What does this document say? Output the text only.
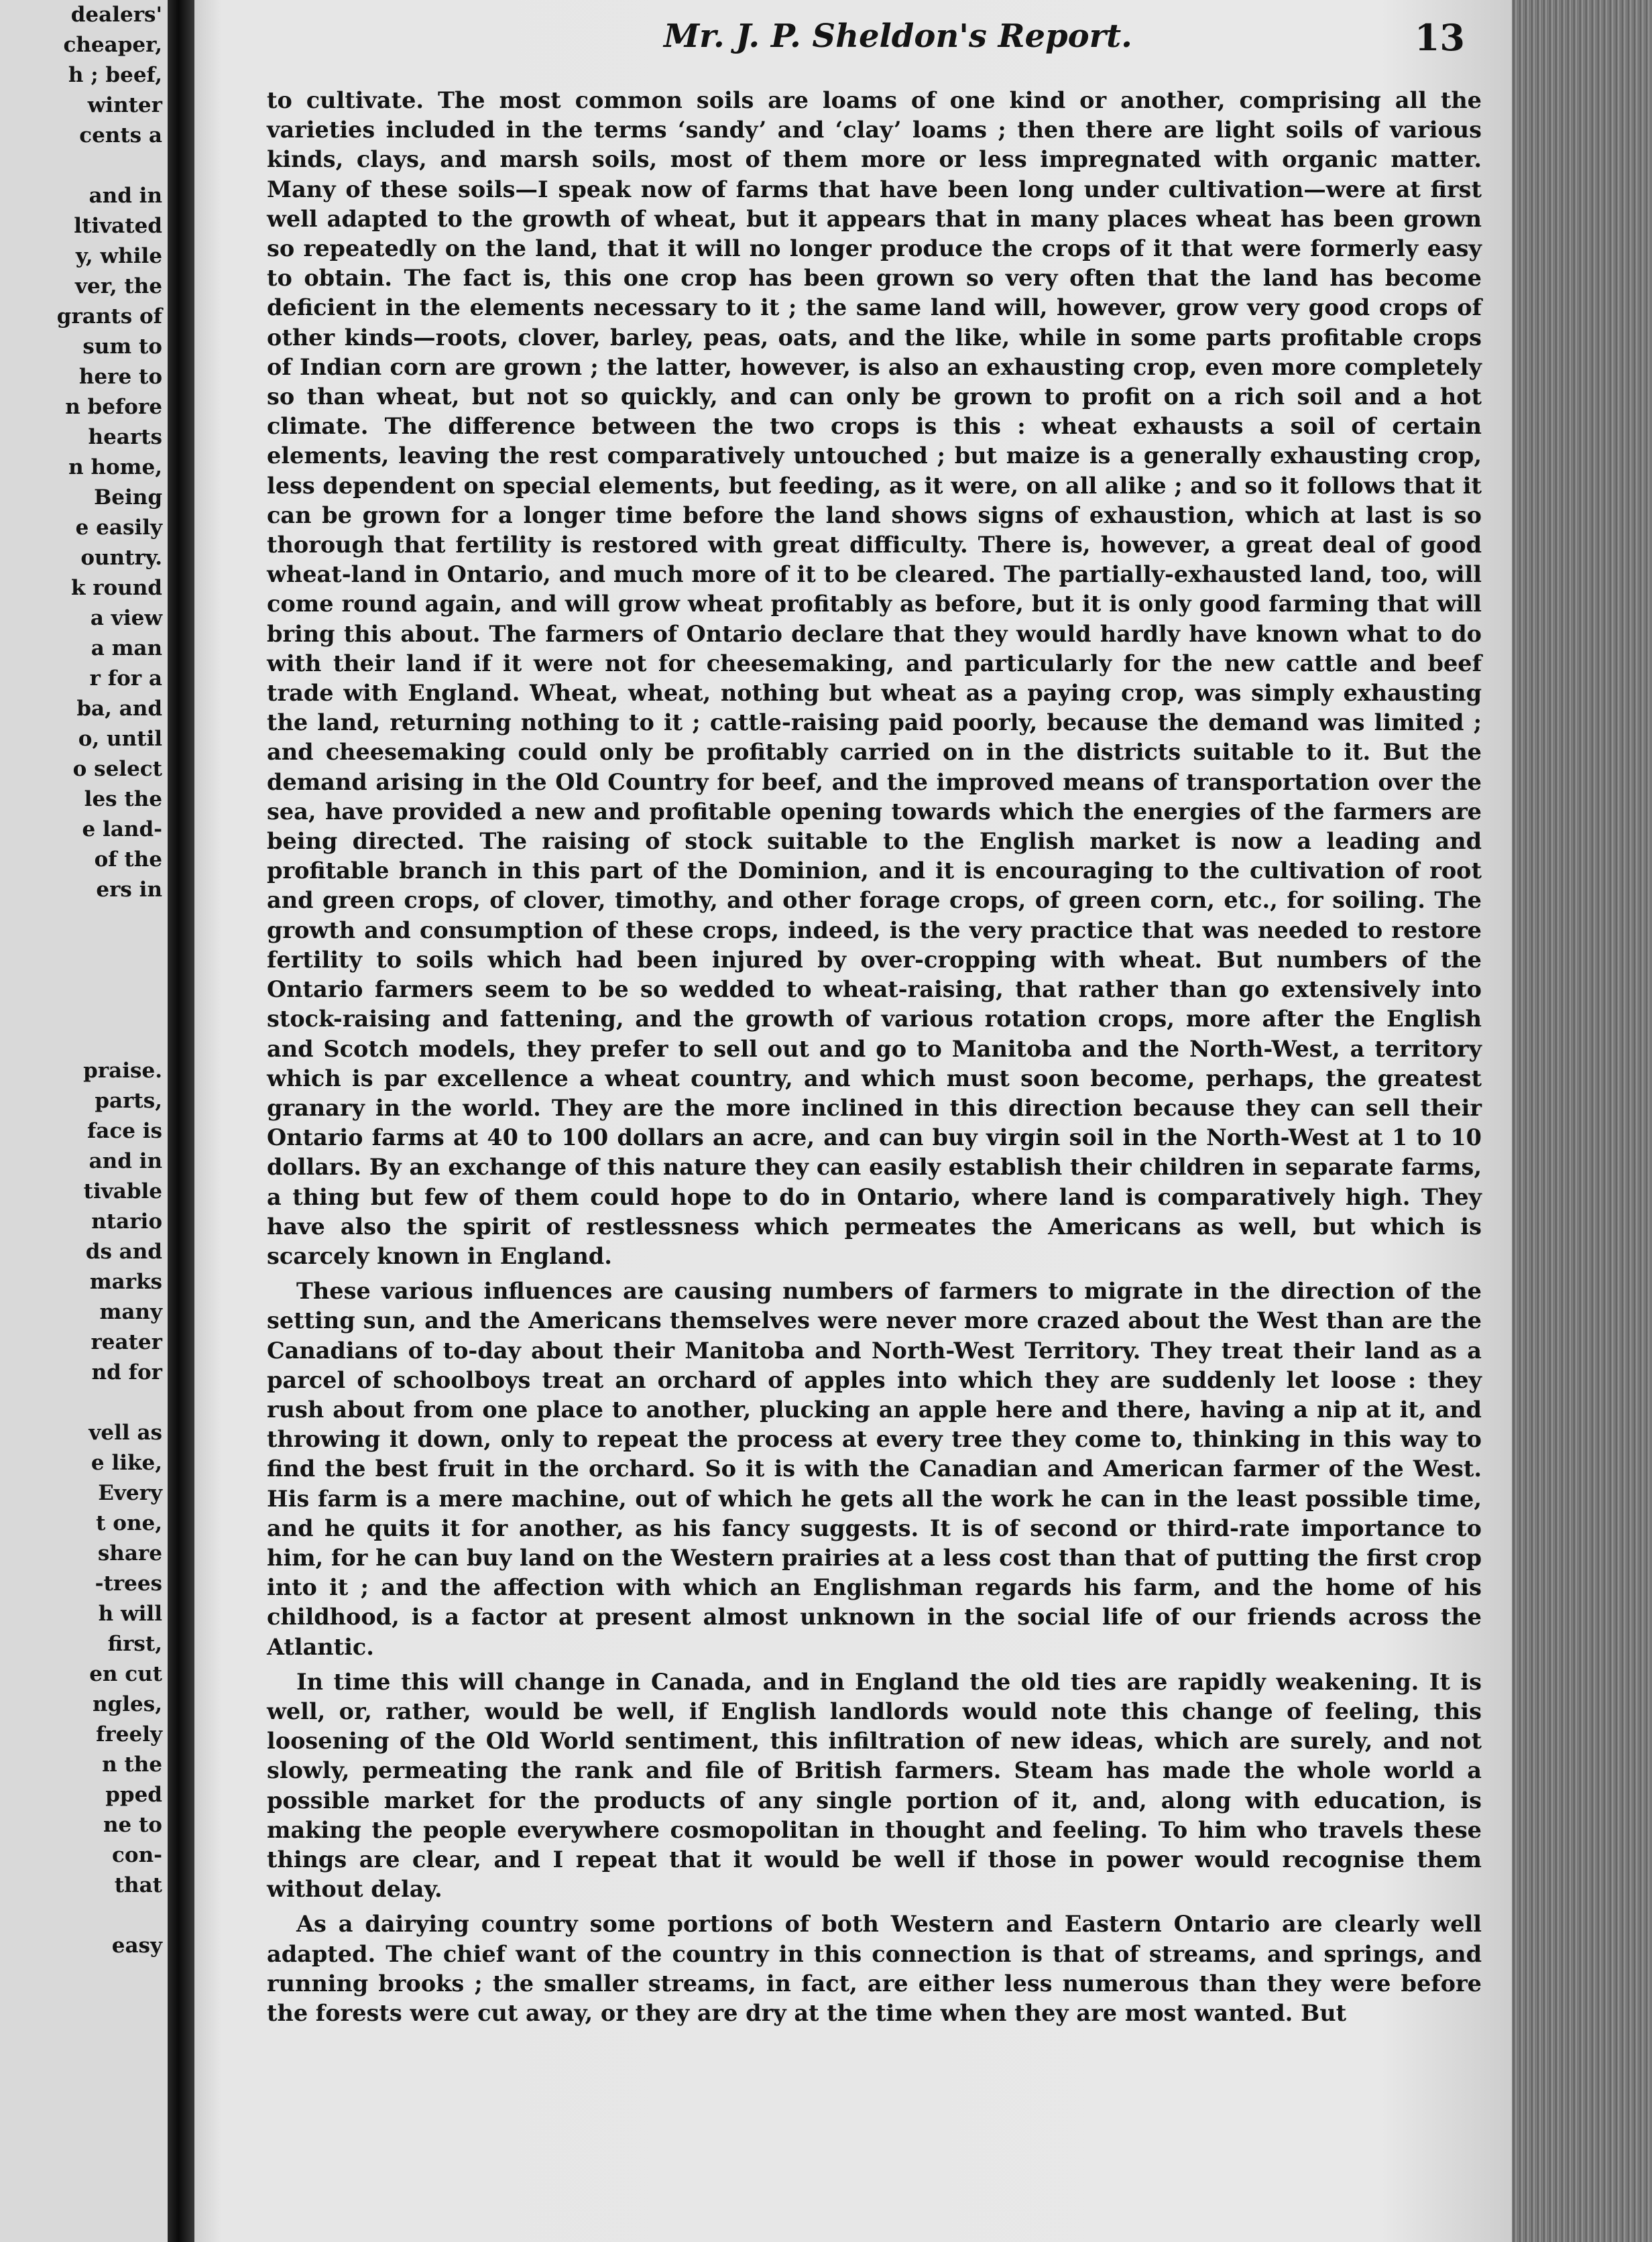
dealers'
cheaper,
h ; beef,
winter
cents a
and in
ltivated
y, while
ver, the
grants of
sum to
here to
n before
hearts
n home,
Being
e easily
ountry.
k round
a view
a man
r for a
ba, and
o, until
o select
les the
e land-
of the
ers in
praise.
parts,
face is
and in
tivable
ntario
ds and
marks
many
reater
nd for
vell as
e like,
Every
t one,
share
-trees
h will
first,
en cut
ngles,
freely
n the
pped
ne to
con-
that
easy
Mr. J. P. Sheldon's Report.	13

to cultivate. The most common soils are loams of one kind or another, comprising all the varieties included in the terms ‘sandy’ and ‘clay’ loams ; then there are light soils of various kinds, clays, and marsh soils, most of them more or less impregnated with organic matter. Many of these soils—I speak now of farms that have been long under cultivation—were at first well adapted to the growth of wheat, but it appears that in many places wheat has been grown so repeatedly on the land, that it will no longer produce the crops of it that were formerly easy to obtain. The fact is, this one crop has been grown so very often that the land has become deficient in the elements necessary to it ; the same land will, however, grow very good crops of other kinds—roots, clover, barley, peas, oats, and the like, while in some parts profitable crops of Indian corn are grown ; the latter, however, is also an exhausting crop, even more completely so than wheat, but not so quickly, and can only be grown to profit on a rich soil and a hot climate. The difference between the two crops is this : wheat exhausts a soil of certain elements, leaving the rest comparatively untouched ; but maize is a generally exhausting crop, less dependent on special elements, but feeding, as it were, on all alike ; and so it follows that it can be grown for a longer time before the land shows signs of exhaustion, which at last is so thorough that fertility is restored with great difficulty. There is, however, a great deal of good wheat-land in Ontario, and much more of it to be cleared. The partially-exhausted land, too, will come round again, and will grow wheat profitably as before, but it is only good farming that will bring this about. The farmers of Ontario declare that they would hardly have known what to do with their land if it were not for cheesemaking, and particularly for the new cattle and beef trade with England. Wheat, wheat, nothing but wheat as a paying crop, was simply exhausting the land, returning nothing to it ; cattle-raising paid poorly, because the demand was limited ; and cheesemaking could only be profitably carried on in the districts suitable to it. But the demand arising in the Old Country for beef, and the improved means of transportation over the sea, have provided a new and profitable opening towards which the energies of the farmers are being directed. The raising of stock suitable to the English market is now a leading and profitable branch in this part of the Dominion, and it is encouraging to the cultivation of root and green crops, of clover, timothy, and other forage crops, of green corn, etc., for soiling. The growth and consumption of these crops, indeed, is the very practice that was needed to restore fertility to soils which had been injured by over-cropping with wheat. But numbers of the Ontario farmers seem to be so wedded to wheat-raising, that rather than go extensively into stock-raising and fattening, and the growth of various rotation crops, more after the English and Scotch models, they prefer to sell out and go to Manitoba and the North-West, a territory which is par excellence a wheat country, and which must soon become, perhaps, the greatest granary in the world. They are the more inclined in this direction because they can sell their Ontario farms at 40 to 100 dollars an acre, and can buy virgin soil in the North-West at 1 to 10 dollars. By an exchange of this nature they can easily establish their children in separate farms, a thing but few of them could hope to do in Ontario, where land is comparatively high. They have also the spirit of restlessness which permeates the Americans as well, but which is scarcely known in England.

These various influences are causing numbers of farmers to migrate in the direction of the setting sun, and the Americans themselves were never more crazed about the West than are the Canadians of to-day about their Manitoba and North-West Territory. They treat their land as a parcel of schoolboys treat an orchard of apples into which they are suddenly let loose : they rush about from one place to another, plucking an apple here and there, having a nip at it, and throwing it down, only to repeat the process at every tree they come to, thinking in this way to find the best fruit in the orchard. So it is with the Canadian and American farmer of the West. His farm is a mere machine, out of which he gets all the work he can in the least possible time, and he quits it for another, as his fancy suggests. It is of second or third-rate importance to him, for he can buy land on the Western prairies at a less cost than that of putting the first crop into it ; and the affection with which an Englishman regards his farm, and the home of his childhood, is a factor at present almost unknown in the social life of our friends across the Atlantic.

In time this will change in Canada, and in England the old ties are rapidly weakening. It is well, or, rather, would be well, if English landlords would note this change of feeling, this loosening of the Old World sentiment, this infiltration of new ideas, which are surely, and not slowly, permeating the rank and file of British farmers. Steam has made the whole world a possible market for the products of any single portion of it, and, along with education, is making the people everywhere cosmopolitan in thought and feeling. To him who travels these things are clear, and I repeat that it would be well if those in power would recognise them without delay.

As a dairying country some portions of both Western and Eastern Ontario are clearly well adapted. The chief want of the country in this connection is that of streams, and springs, and running brooks ; the smaller streams, in fact, are either less numerous than they were before the forests were cut away, or they are dry at the time when they are most wanted. But
